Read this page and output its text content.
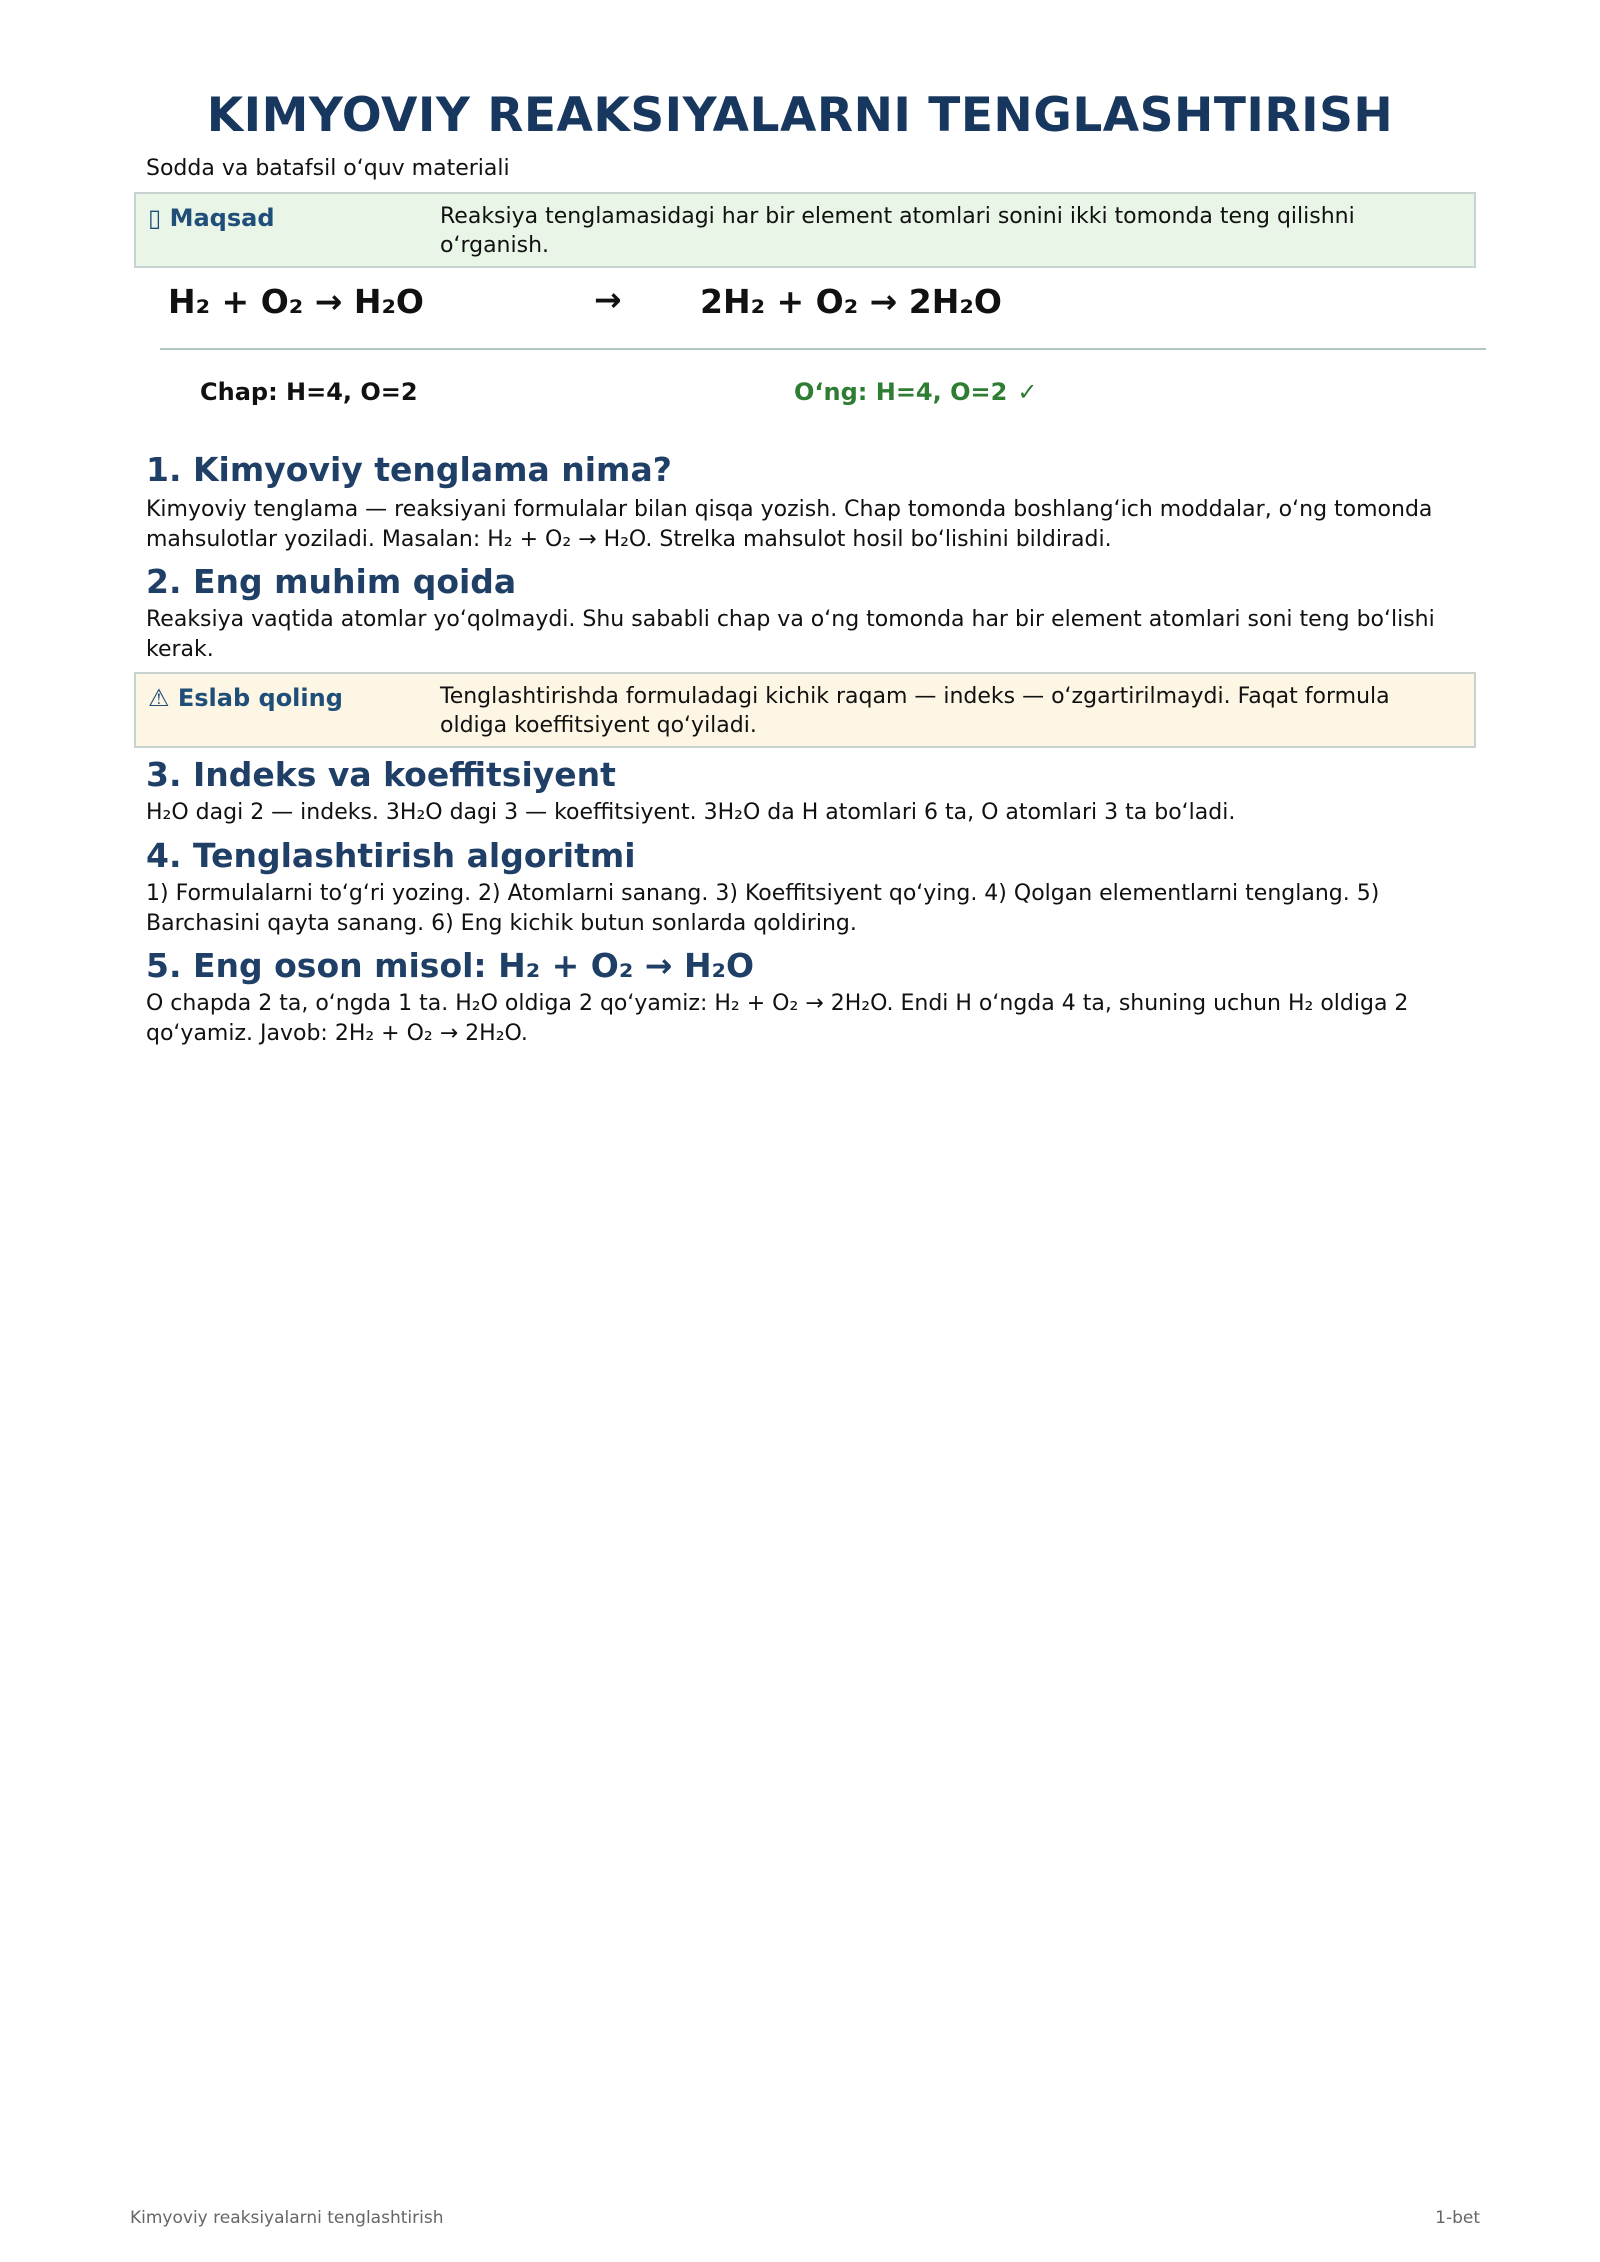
KIMYOVIY REAKSIYALARNI TENGLASHTIRISH
Sodda va batafsil o‘quv materiali
▯ Maqsad	Reaksiya tenglamasidagi har bir element atomlari sonini ikki tomonda teng qilishni o‘rganish.
H₂ + O₂ → H₂O	→ 2H₂ + O₂ → 2H₂O
Chap: H=4, O=2	O‘ng: H=4, O=2 ✓
1. Kimyoviy tenglama nima?
Kimyoviy tenglama — reaksiyani formulalar bilan qisqa yozish. Chap tomonda boshlang‘ich moddalar, o‘ng tomonda mahsulotlar yoziladi. Masalan: H₂ + O₂ → H₂O. Strelka mahsulot hosil bo‘lishini bildiradi.
2. Eng muhim qoida
Reaksiya vaqtida atomlar yo‘qolmaydi. Shu sababli chap va o‘ng tomonda har bir element atomlari soni teng bo‘lishi kerak.
⚠ Eslab qoling	Tenglashtirishda formuladagi kichik raqam — indeks — o‘zgartirilmaydi. Faqat formula oldiga koeffitsiyent qo‘yiladi.
3. Indeks va koeffitsiyent
H₂O dagi 2 — indeks. 3H₂O dagi 3 — koeffitsiyent. 3H₂O da H atomlari 6 ta, O atomlari 3 ta bo‘ladi.
4. Tenglashtirish algoritmi
1) Formulalarni to‘g‘ri yozing. 2) Atomlarni sanang. 3) Koeffitsiyent qo‘ying. 4) Qolgan elementlarni tenglang. 5) Barchasini qayta sanang. 6) Eng kichik butun sonlarda qoldiring.
5. Eng oson misol: H₂ + O₂ → H₂O
O chapda 2 ta, o‘ngda 1 ta. H₂O oldiga 2 qo‘yamiz: H₂ + O₂ → 2H₂O. Endi H o‘ngda 4 ta, shuning uchun H₂ oldiga 2 qo‘yamiz. Javob: 2H₂ + O₂ → 2H₂O.
Kimyoviy reaksiyalarni tenglashtirish	1-bet
